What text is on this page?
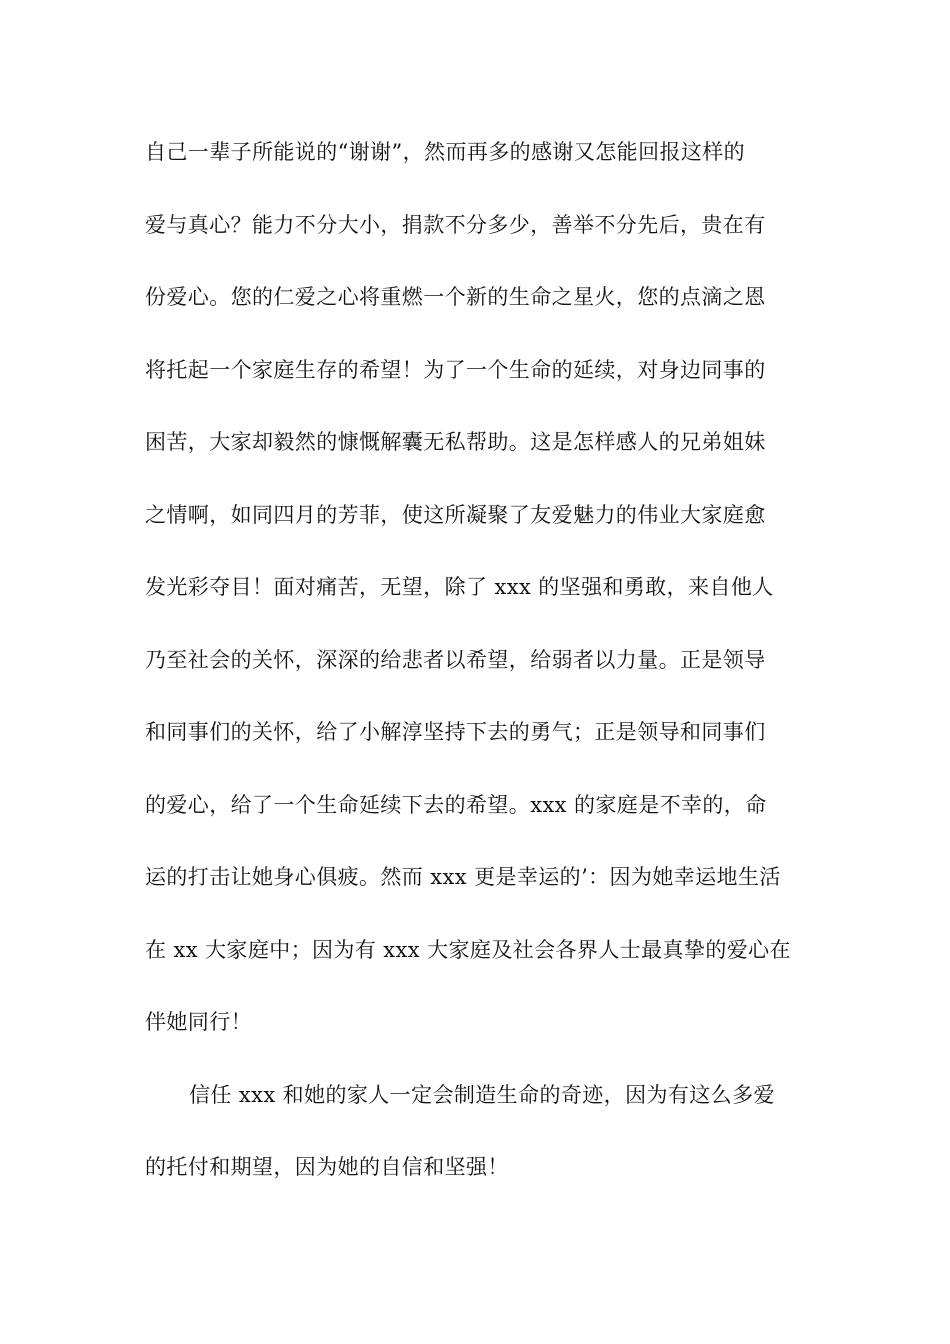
自己一辈子所能说的“谢谢”，然而再多的感谢又怎能回报这样的
爱与真心？能力不分大小，捐款不分多少，善举不分先后，贵在有
份爱心。您的仁爱之心将重燃一个新的生命之星火，您的点滴之恩
将托起一个家庭生存的希望！为了一个生命的延续，对身边同事的
困苦，大家却毅然的慷慨解囊无私帮助。这是怎样感人的兄弟姐妹
之情啊，如同四月的芳菲，使这所凝聚了友爱魅力的伟业大家庭愈
发光彩夺目！面对痛苦，无望，除了 xxx 的坚强和勇敢，来自他人
乃至社会的关怀，深深的给悲者以希望，给弱者以力量。正是领导
和同事们的关怀，给了小解淳坚持下去的勇气；正是领导和同事们
的爱心，给了一个生命延续下去的希望。xxx 的家庭是不幸的，命
运的打击让她身心俱疲。然而 xxx 更是幸运的’：因为她幸运地生活
在 xx 大家庭中；因为有 xxx 大家庭及社会各界人士最真挚的爱心在
伴她同行！
信任 xxx 和她的家人一定会制造生命的奇迹，因为有这么多爱
的托付和期望，因为她的自信和坚强！
